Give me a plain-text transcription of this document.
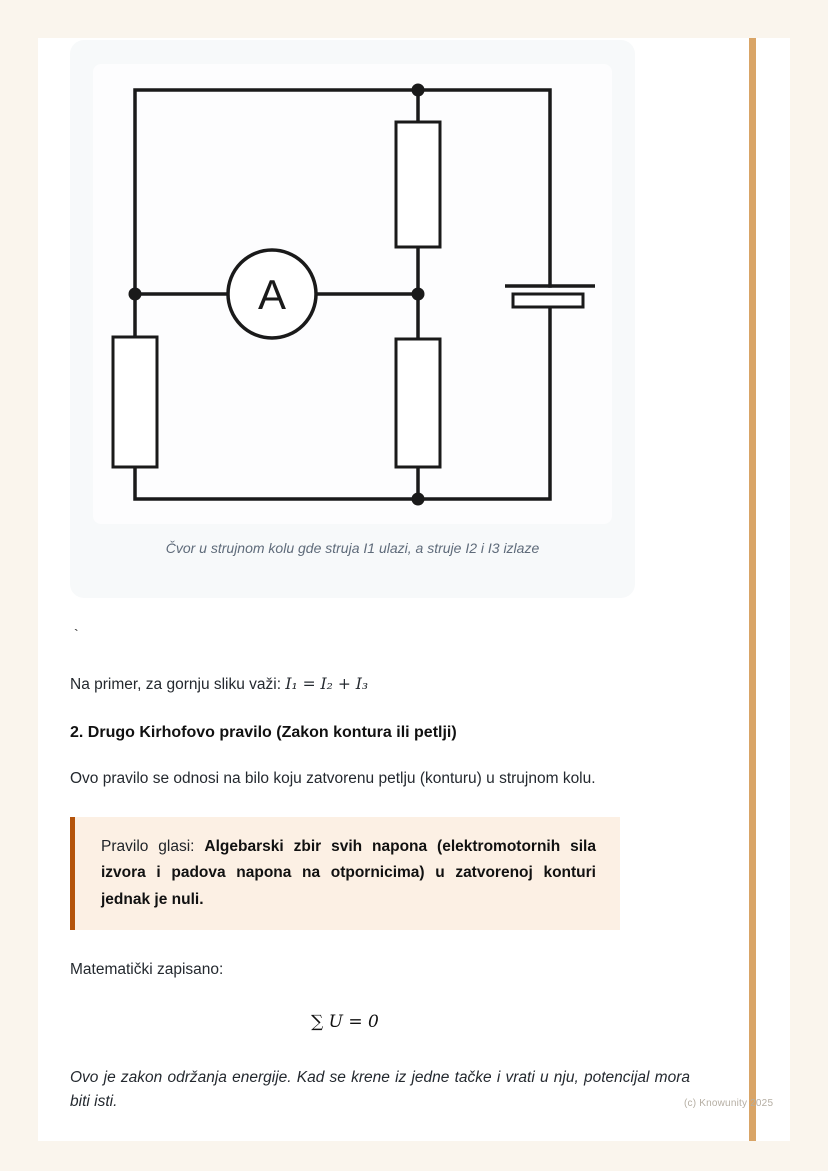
A
Čvor u strujnom kolu gde struja I1 ulazi, a struje I2 i I3 izlaze
`

Na primer, za gornju sliku važi: I₁ = I₂ + I₃

2. Drugo Kirhofovo pravilo (Zakon kontura ili petlji)

Ovo pravilo se odnosi na bilo koju zatvorenu petlju (konturu) u strujnom kolu.

Pravilo glasi: Algebarski zbir svih napona (elektromotornih sila izvora i padova napona na otpornicima) u zatvorenoj konturi jednak je nuli.

Matematički zapisano:

∑ U = 0

Ovo je zakon održanja energije. Kad se krene iz jedne tačke i vrati u nju, potencijal mora biti isti.	(c) Knowunity 2025
